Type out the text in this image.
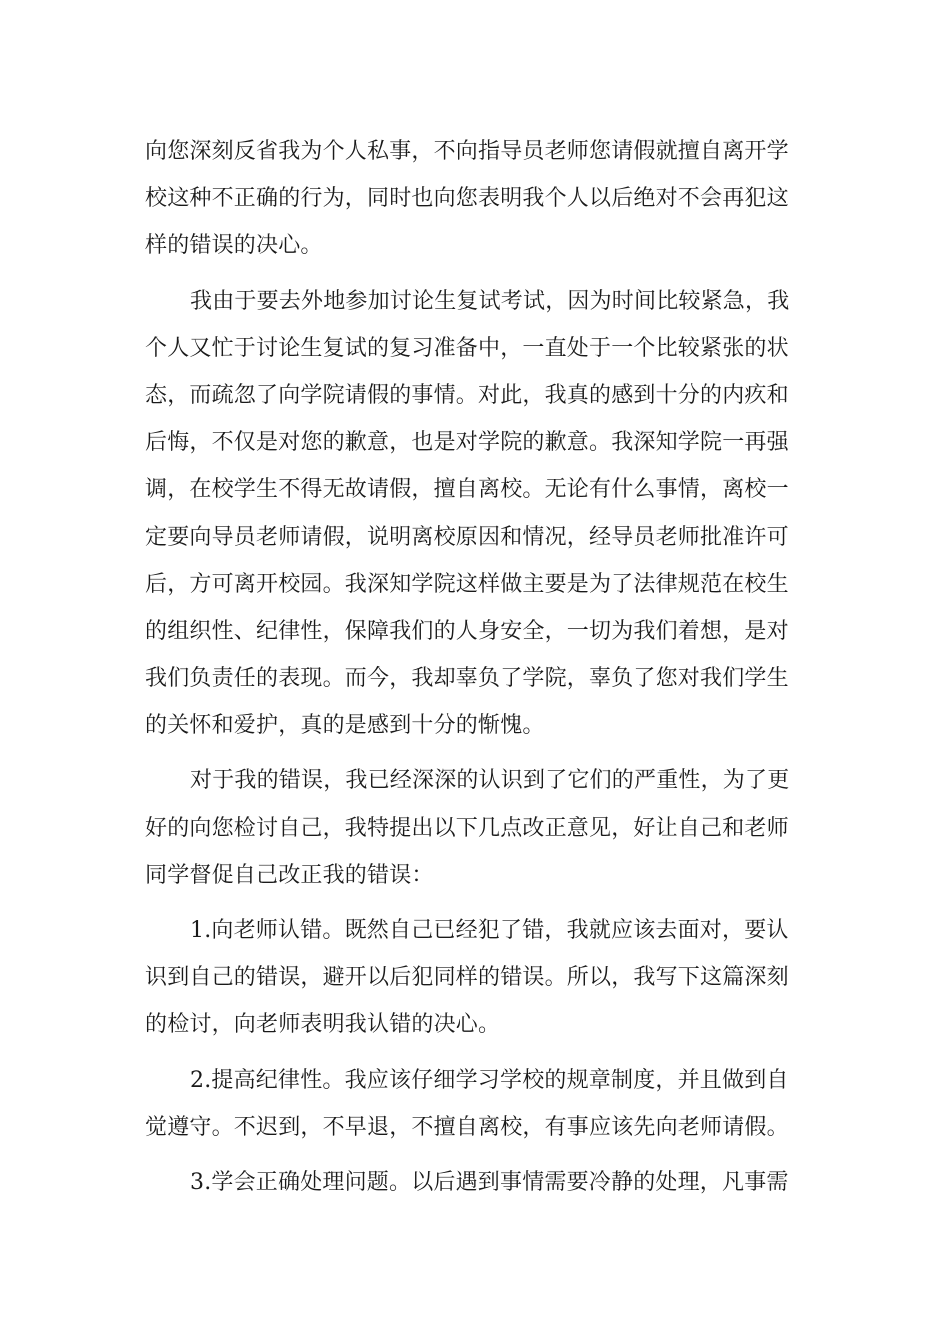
向您深刻反省我为个人私事，不向指导员老师您请假就擅自离开学
校这种不正确的行为，同时也向您表明我个人以后绝对不会再犯这
样的错误的决心。
我由于要去外地参加讨论生复试考试，因为时间比较紧急，我
个人又忙于讨论生复试的复习准备中，一直处于一个比较紧张的状
态，而疏忽了向学院请假的事情。对此，我真的感到十分的内疚和
后悔，不仅是对您的歉意，也是对学院的歉意。我深知学院一再强
调，在校学生不得无故请假，擅自离校。无论有什么事情，离校一
定要向导员老师请假，说明离校原因和情况，经导员老师批准许可
后，方可离开校园。我深知学院这样做主要是为了法律规范在校生
的组织性、纪律性，保障我们的人身安全，一切为我们着想，是对
我们负责任的表现。而今，我却辜负了学院，辜负了您对我们学生
的关怀和爱护，真的是感到十分的惭愧。
对于我的错误，我已经深深的认识到了它们的严重性，为了更
好的向您检讨自己，我特提出以下几点改正意见，好让自己和老师
同学督促自己改正我的错误：
1.向老师认错。既然自己已经犯了错，我就应该去面对，要认
识到自己的错误，避开以后犯同样的错误。所以，我写下这篇深刻
的检讨，向老师表明我认错的决心。
2.提高纪律性。我应该仔细学习学校的规章制度，并且做到自
觉遵守。不迟到，不早退，不擅自离校，有事应该先向老师请假。
3.学会正确处理问题。以后遇到事情需要冷静的处理，凡事需
